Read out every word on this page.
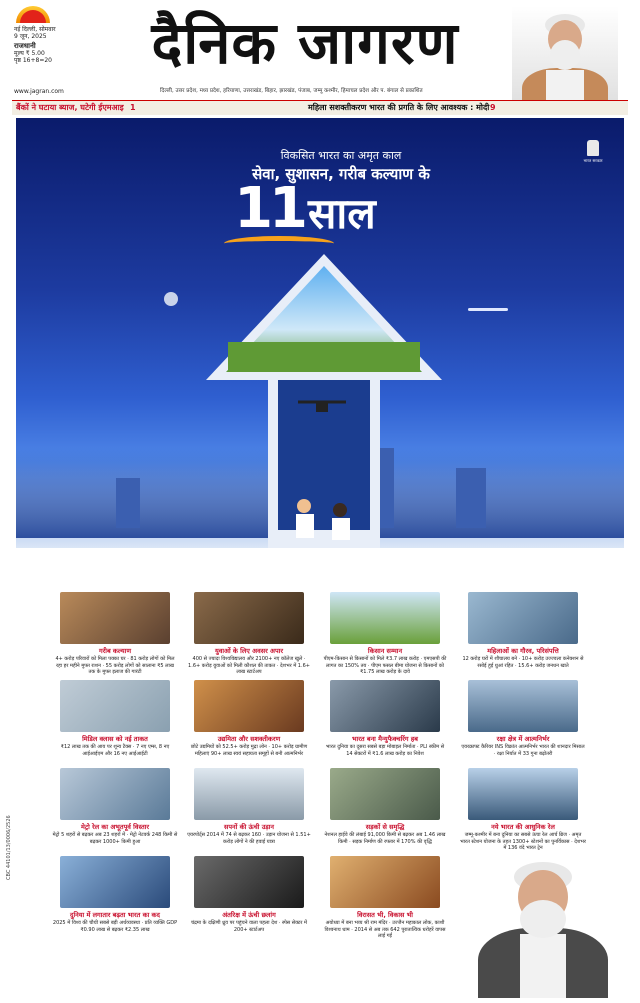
नई दिल्ली, सोमवार
9 जून, 2025
राजधानी
मूल्य ₹ 5.00
पृष्ठ 16+8=20
www.jagran.com
दैनिक जागरण
दिल्ली, उत्तर प्रदेश, मध्य प्रदेश, हरियाणा, उत्तराखंड, बिहार, झारखंड, पंजाब, जम्मू कश्मीर, हिमाचल प्रदेश और प. बंगाल से प्रकाशित
बैंकों ने घटाया ब्याज, घटेगी ईएमआइ 1	महिला सशक्तीकरण भारत की प्रगति के लिए आवश्यक : मोदी 9
भारत सरकार
विकसित भारत का अमृत काल
सेवा, सुशासन, गरीब कल्याण के
11 साल
गरीब कल्याण
4+ करोड़ परिवारों को मिला पक्का घर · 81 करोड़ लोगों को मिल रहा हर महीने मुफ्त राशन · 55 करोड़ लोगों को सालाना ₹5 लाख तक के मुफ्त इलाज की गारंटी
युवाओं के लिए अवसर अपार
400 से ज्यादा विश्वविद्यालय और 2100+ नए कॉलेज खुले · 1.6+ करोड़ युवाओं को मिली कौशल की ताकत · देशभर में 1.6+ लाख स्टार्टअप
किसान सम्मान
पीएम-किसान से किसानों को मिले ₹3.7 लाख करोड़ · एमएसपी की लागत का 150% तय · पीएम फसल बीमा योजना से किसानों को ₹1.75 लाख करोड़ के दावे
महिलाओं का गौरव, परिसंपत्ति
12 करोड़ घरों में शौचालय बने · 10+ करोड़ उज्ज्वला कनेक्शन से रसोई हुई धुआं रहित · 15.6+ करोड़ जनधन खाते
मिडिल क्लास को नई ताकत
₹12 लाख तक की आय पर शून्य टैक्स · 7 नए एम्स, 8 नए आईआईएम और 16 नए आईआईटी
उद्यमिता और सशक्तीकरण
छोटे उद्यमियों को 52.5+ करोड़ मुद्रा लोन · 10+ करोड़ ग्रामीण महिलाएं 90+ लाख स्वयं सहायता समूहों से बनी आत्मनिर्भर
भारत बना मैन्युफैक्चरिंग हब
भारत दुनिया का दूसरा सबसे बड़ा मोबाइल निर्माता · PLI स्कीम से 14 सेक्टरों में ₹1.6 लाख करोड़ का निवेश
रक्षा क्षेत्र में आत्मनिर्भर
एयरक्राफ्ट कैरियर INS विक्रांत आत्मनिर्भर भारत की शानदार मिसाल · रक्षा निर्यात में 33 गुना बढ़ोतरी
मेट्रो रेल का अभूतपूर्व विस्तार
मेट्रो 5 शहरों से बढ़कर अब 23 शहरों में · मेट्रो नेटवर्क 248 किमी से बढ़कर 1000+ किमी हुआ
सपनों की ऊंची उड़ान
एयरपोर्ट्स 2014 में 74 से बढ़कर 160 · उड़ान योजना से 1.51+ करोड़ लोगों ने की हवाई यात्रा
सड़कों से समृद्धि
नेशनल हाईवे की लंबाई 91,000 किमी से बढ़कर अब 1.46 लाख किमी · सड़क निर्माण की रफ्तार में 170% की वृद्धि
नये भारत की आधुनिक रेल
जम्मू-कश्मीर में बना दुनिया का सबसे ऊंचा रेल आर्च ब्रिज · अमृत भारत स्टेशन योजना के तहत 1300+ स्टेशनों का पुनर्विकास · देशभर में 136 वंदे भारत ट्रेन
दुनिया में लगातार बढ़ता भारत का कद
2025 में विश्व की चौथी सबसे बड़ी अर्थव्यवस्था · प्रति व्यक्ति GDP ₹0.90 लाख से बढ़कर ₹2.35 लाख
अंतरिक्ष में ऊंची छलांग
चंद्रमा के दक्षिणी ध्रुव पर पहुंचने वाला पहला देश · स्पेस सेक्टर में 200+ स्टार्टअप
विरासत भी, विकास भी
अयोध्या में बना भव्य श्री राम मंदिर · उज्जैन महाकाल लोक, काशी विश्वनाथ धाम · 2014 से अब तक 642 पुरातात्विक धरोहरें वापस लाई गईं
CBC 44101/13/0006/2526
